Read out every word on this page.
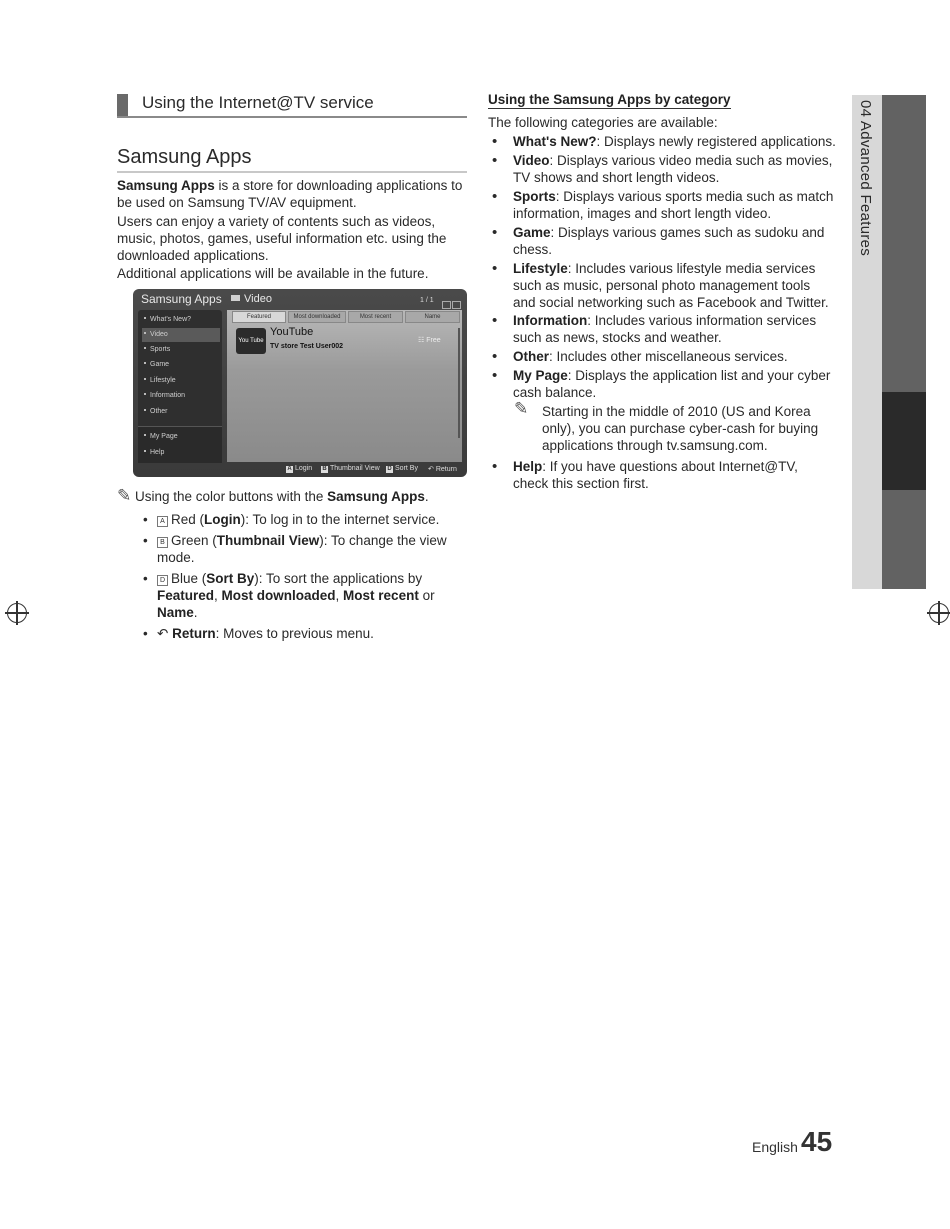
Using the Internet@TV service
Samsung Apps
Samsung Apps is a store for downloading applications to be used on Samsung TV/AV equipment.
Users can enjoy a variety of contents such as videos, music, photos, games, useful information etc. using the downloaded applications.
Additional applications will be available in the future.
Samsung Apps	Video	1 / 1
What's New?
Video
Sports
Game
Lifestyle
Information
Other
My Page
Help
Featured	Most downloaded	Most recent	Name
You Tube
YouTube
TV store Test User002
☷ Free
A Login B Thumbnail View D Sort By ↶ Return
✎ Using the color buttons with the Samsung Apps.
•	A Red (Login): To log in to the internet service.
•	B Green (Thumbnail View): To change the view
mode.
•	D Blue (Sort By): To sort the applications by
Featured, Most downloaded, Most recent or
Name.
• ↶ Return: Moves to previous menu.
Using the Samsung Apps by category
The following categories are available:
• What's New?: Displays newly registered applications.
• Video: Displays various video media such as movies, TV shows and short length videos.
• Sports: Displays various sports media such as match information, images and short length video.
• Game: Displays various games such as sudoku and chess.
• Lifestyle: Includes various lifestyle media services such as music, personal photo management tools and social networking such as Facebook and Twitter.
• Information: Includes various information services such as news, stocks and weather.
• Other: Includes other miscellaneous services.
• My Page: Displays the application list and your cyber cash balance.
✎ Starting in the middle of 2010 (US and Korea only), you can purchase cyber-cash for buying applications through tv.samsung.com.
• Help: If you have questions about Internet@TV, check this section first.
04 Advanced Features
English 45
